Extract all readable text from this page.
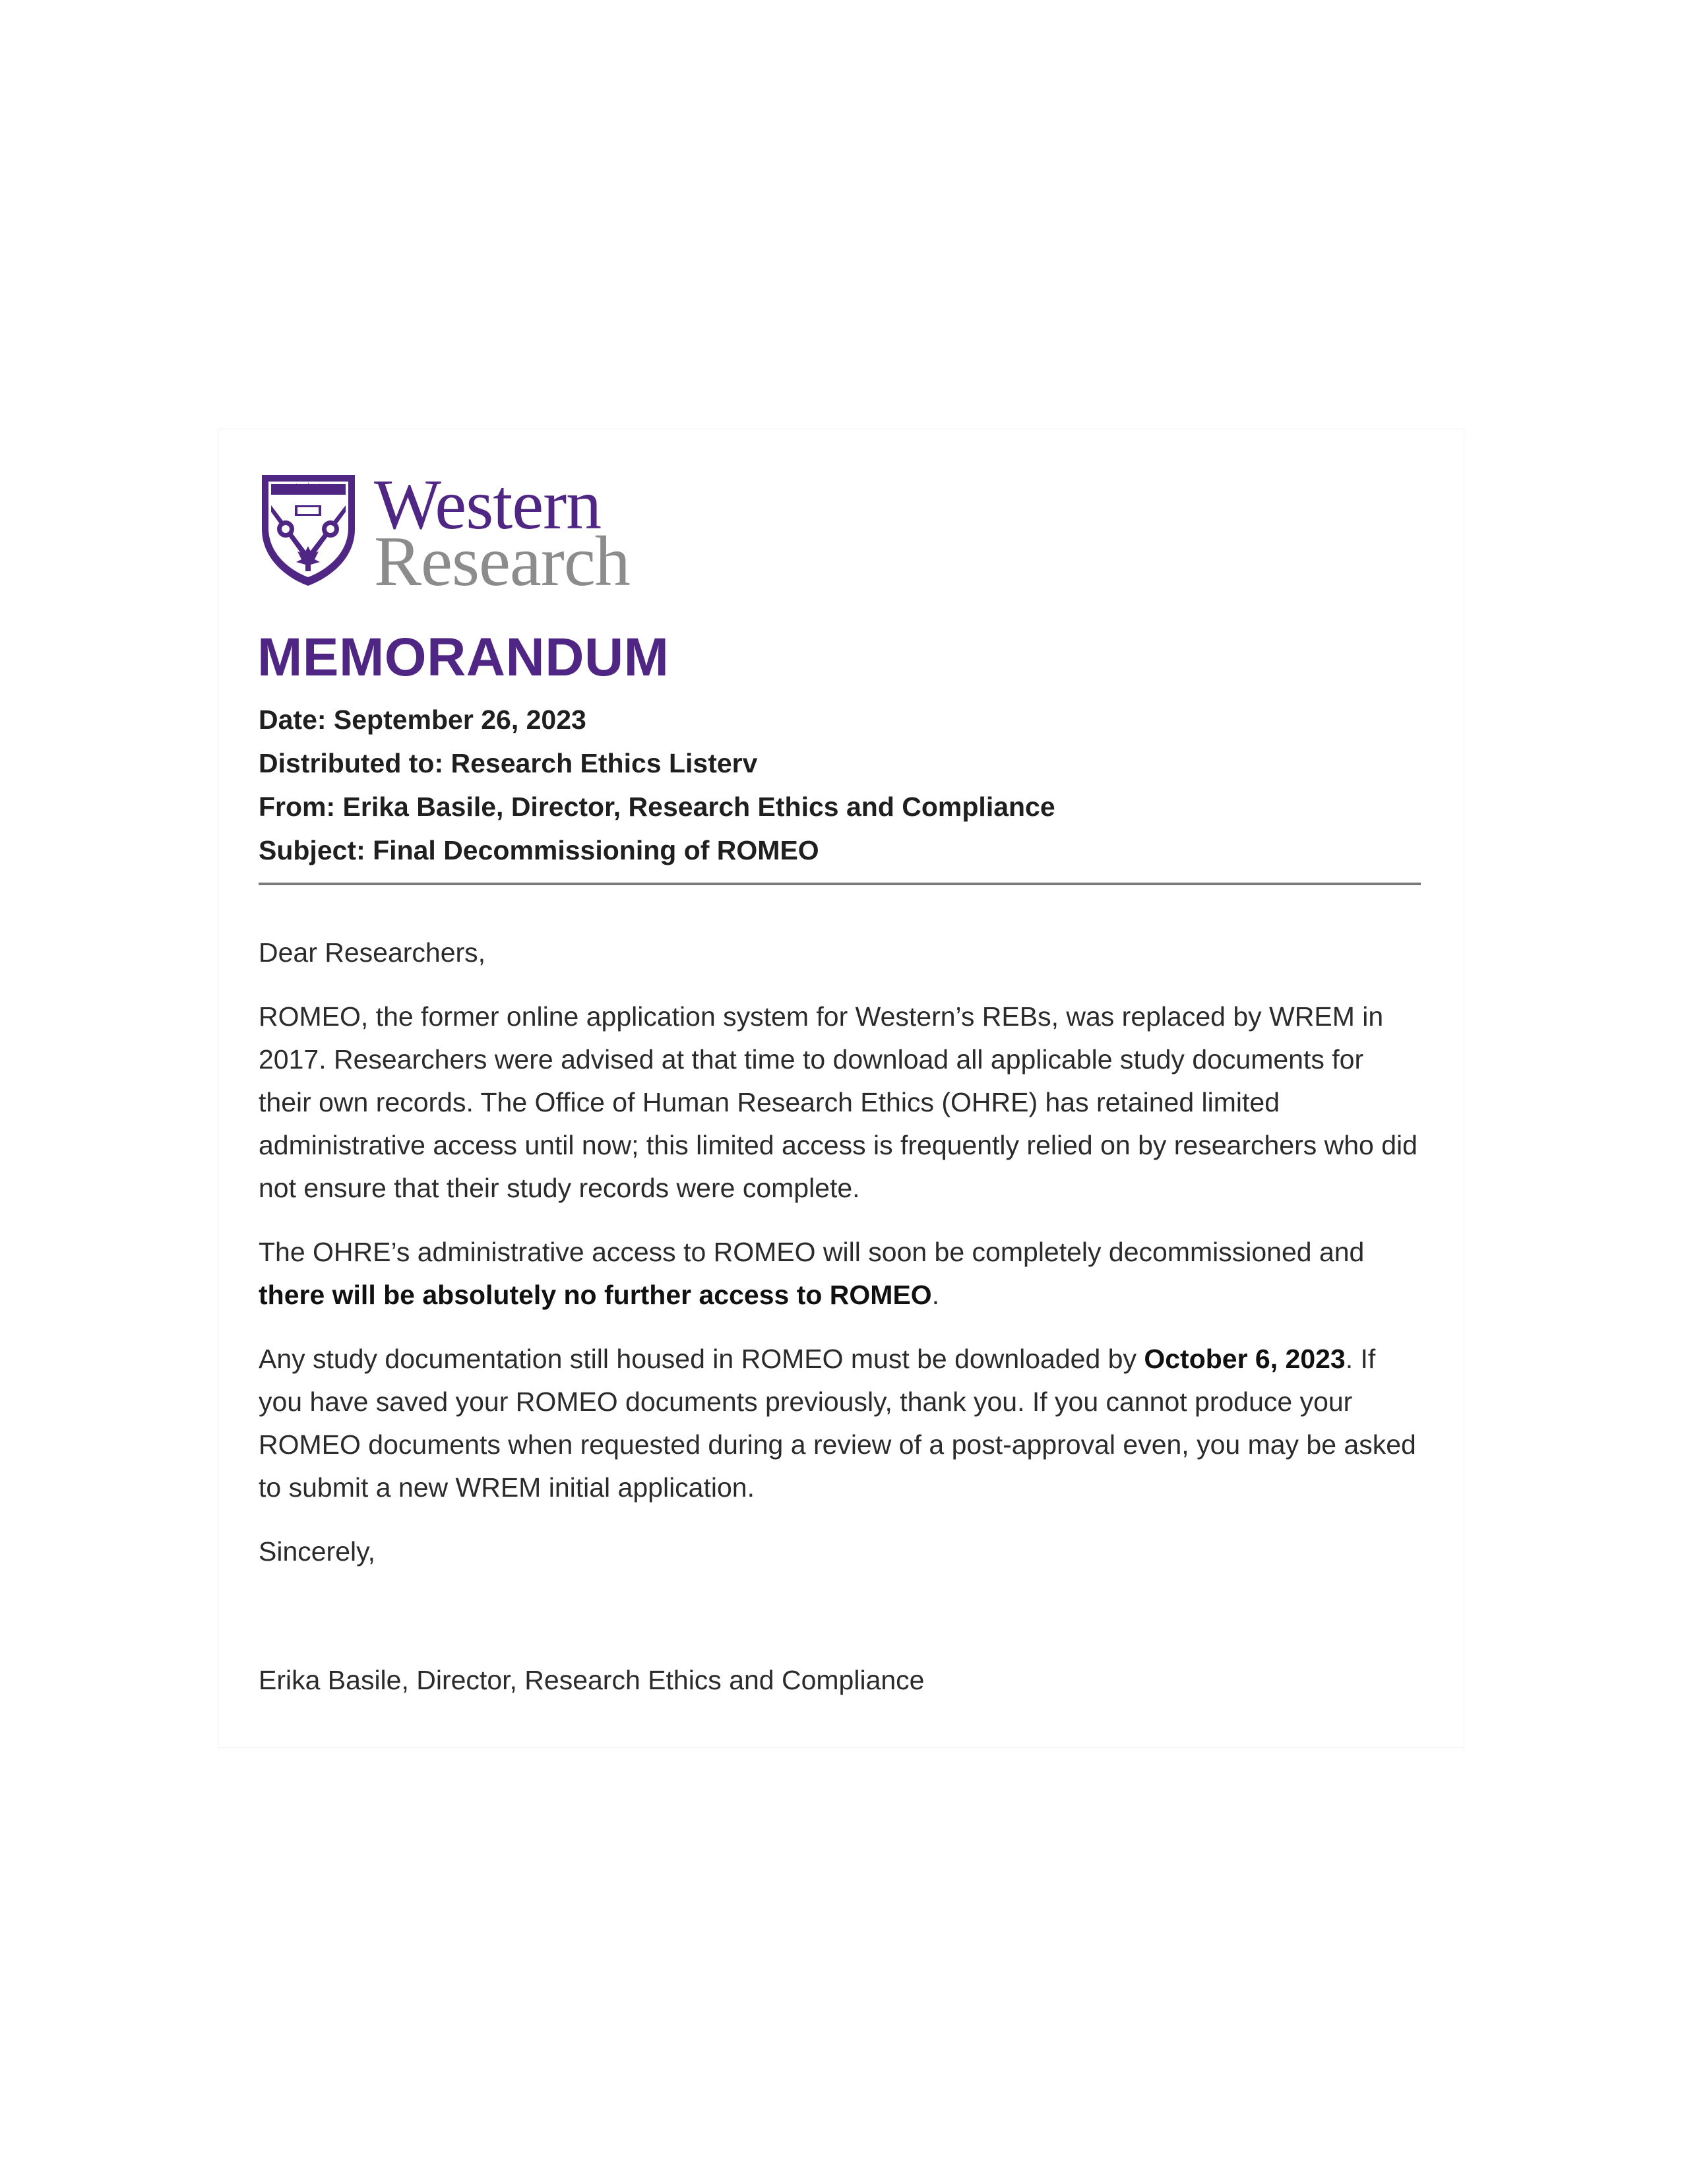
Western
Research
MEMORANDUM
Date: September 26, 2023
Distributed to: Research Ethics Listerv
From: Erika Basile, Director, Research Ethics and Compliance
Subject: Final Decommissioning of ROMEO

Dear Researchers,

ROMEO, the former online application system for Western’s REBs, was replaced by WREM in 2017. Researchers were advised at that time to download all applicable study documents for their own records. The Office of Human Research Ethics (OHRE) has retained limited administrative access until now; this limited access is frequently relied on by researchers who did not ensure that their study records were complete.

The OHRE’s administrative access to ROMEO will soon be completely decommissioned and there will be absolutely no further access to ROMEO.

Any study documentation still housed in ROMEO must be downloaded by October 6, 2023. If you have saved your ROMEO documents previously, thank you. If you cannot produce your ROMEO documents when requested during a review of a post-approval even, you may be asked to submit a new WREM initial application.

Sincerely,

Erika Basile, Director, Research Ethics and Compliance
